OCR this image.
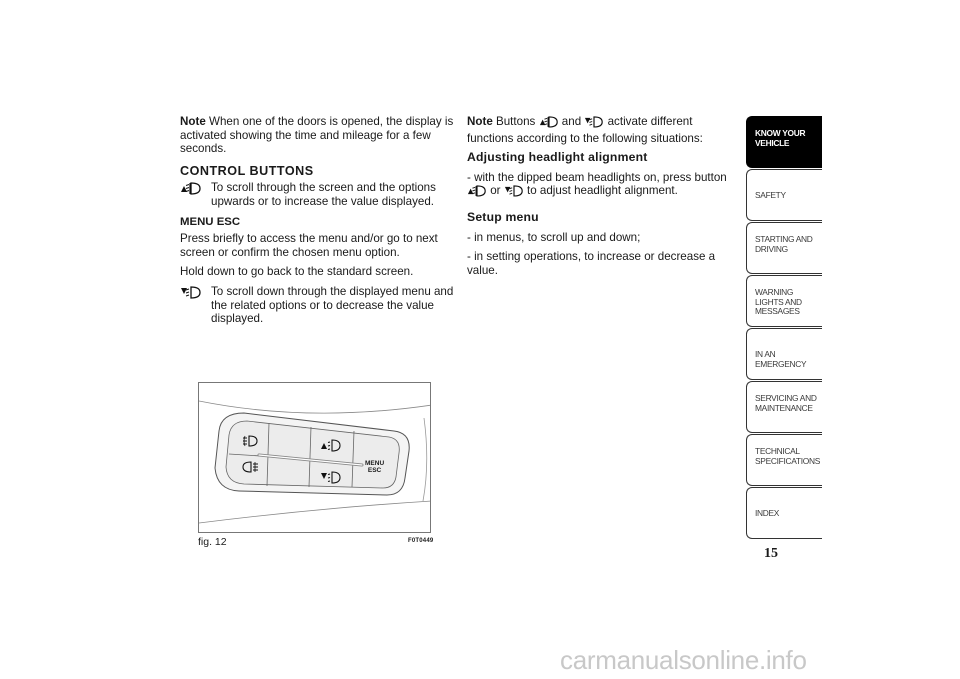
Note When one of the doors is opened, the display is activated showing the time and mileage for a few seconds.

CONTROL BUTTONS
To scroll through the screen and the options upwards or to increase the value displayed.
MENU ESC

Press briefly to access the menu and/or go to next screen or confirm the chosen menu option.

Hold down to go back to the standard screen.

To scroll down through the displayed menu and the related options or to decrease the value displayed.

Note Buttons and activate different functions according to the following situations:

Adjusting headlight alignment

- with the dipped beam headlights on, press button  or to adjust headlight alignment.

Setup menu

- in menus, to scroll up and down;

- in setting operations, to increase or decrease a value.

MENU
ESC
fig. 12	F0T0449
KNOW YOUR VEHICLE
SAFETY
STARTING AND DRIVING
WARNING LIGHTS AND MESSAGES
IN AN EMERGENCY
SERVICING AND MAINTENANCE
TECHNICAL SPECIFICATIONS
INDEX
15
carmanualsonline.info
